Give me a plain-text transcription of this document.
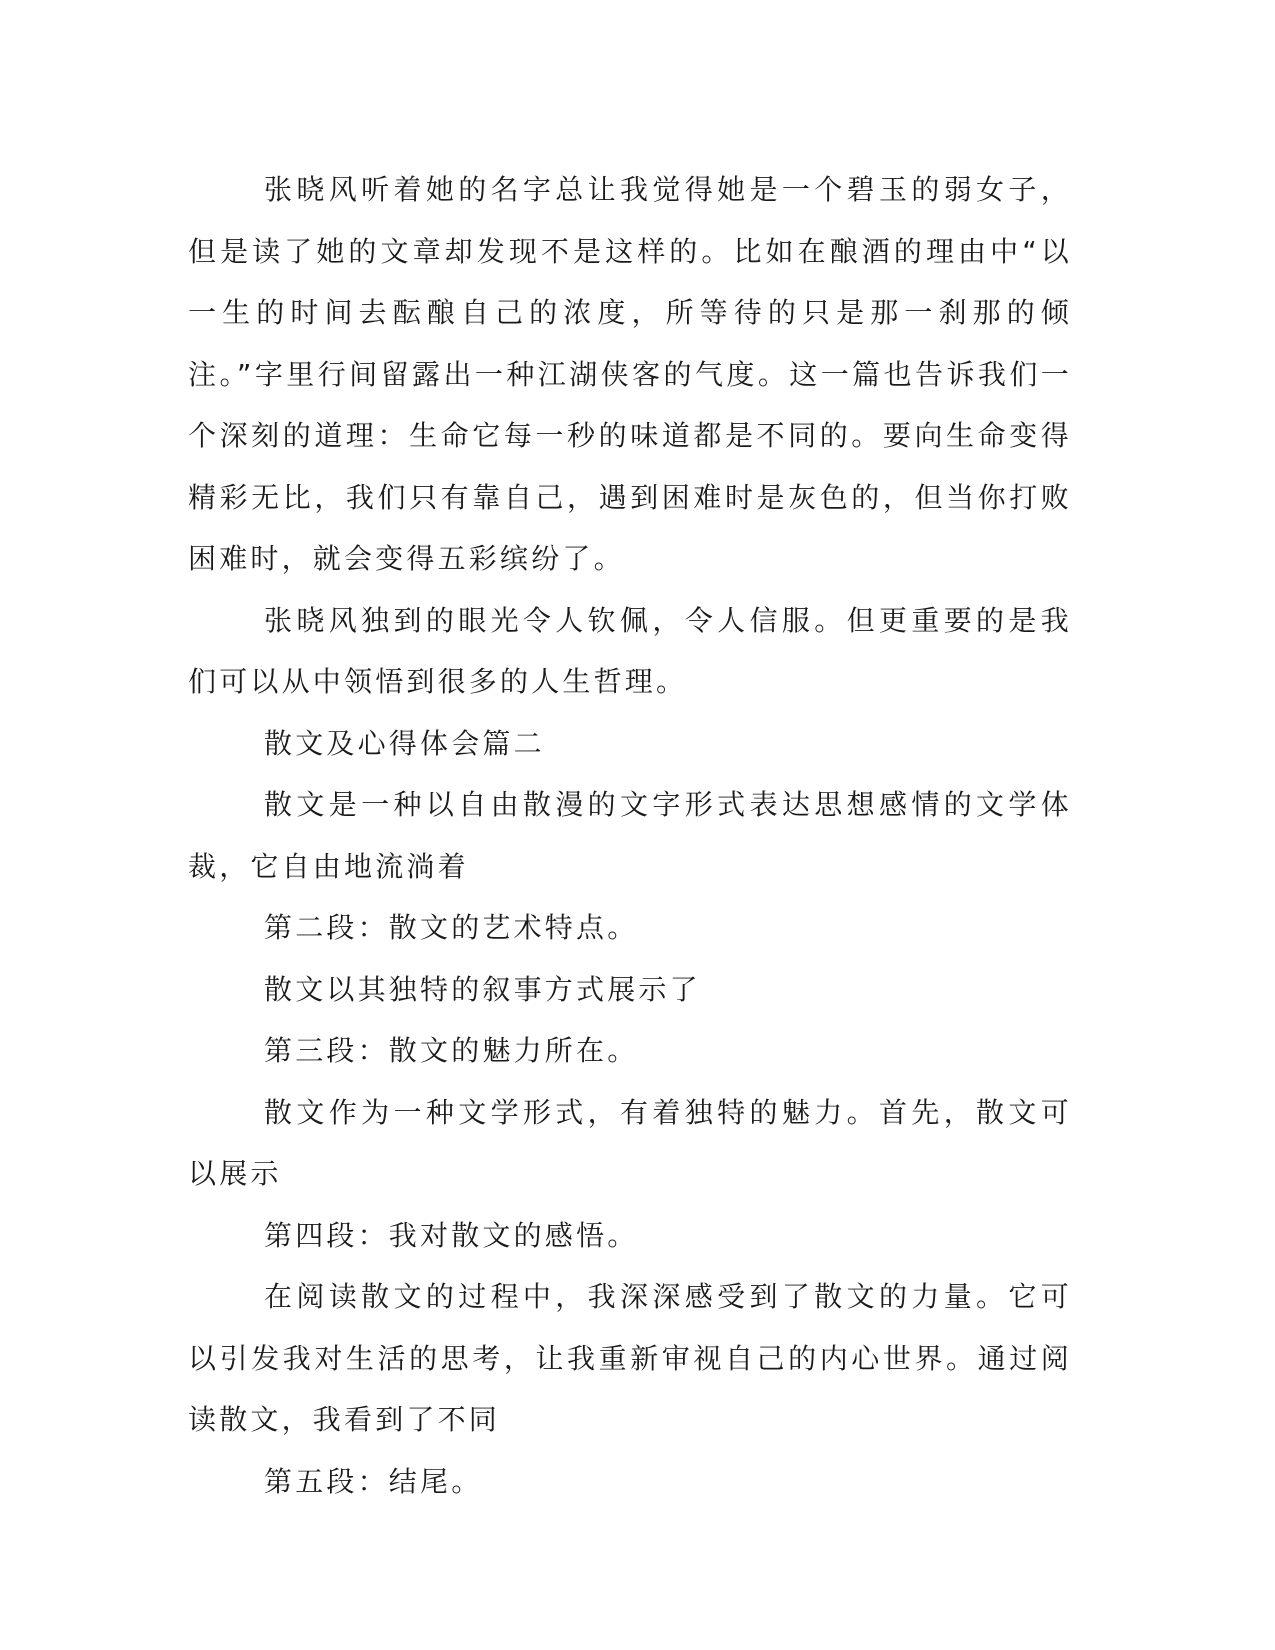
张晓风听着她的名字总让我觉得她是一个碧玉的弱女子，但是读了她的文章却发现不是这样的。比如在酿酒的理由中“以一生的时间去酝酿自己的浓度，所等待的只是那一刹那的倾注。”字里行间留露出一种江湖侠客的气度。这一篇也告诉我们一个深刻的道理：生命它每一秒的味道都是不同的。要向生命变得精彩无比，我们只有靠自己，遇到困难时是灰色的，但当你打败困难时，就会变得五彩缤纷了。

张晓风独到的眼光令人钦佩，令人信服。但更重要的是我们可以从中领悟到很多的人生哲理。

散文及心得体会篇二

散文是一种以自由散漫的文字形式表达思想感情的文学体裁，它自由地流淌着

第二段：散文的艺术特点。

散文以其独特的叙事方式展示了

第三段：散文的魅力所在。

散文作为一种文学形式，有着独特的魅力。首先，散文可以展示

第四段：我对散文的感悟。

在阅读散文的过程中，我深深感受到了散文的力量。它可以引发我对生活的思考，让我重新审视自己的内心世界。通过阅读散文，我看到了不同

第五段：结尾。
